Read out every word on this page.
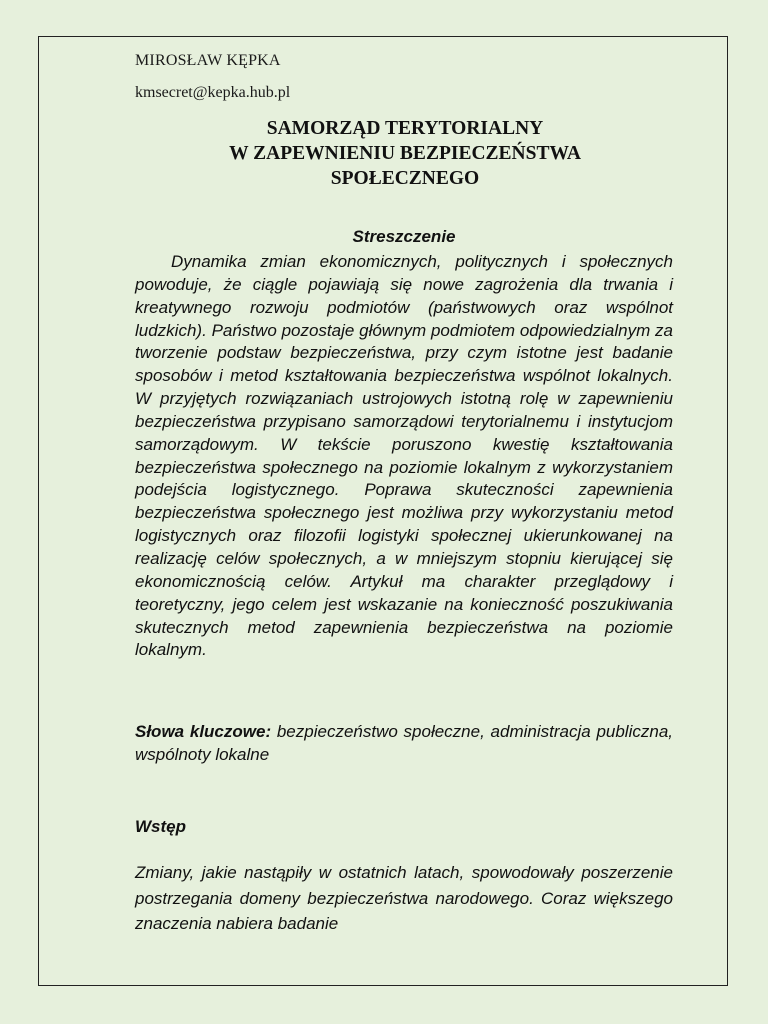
MIROSŁAW KĘPKA
kmsecret@kepka.hub.pl
SAMORZĄD TERYTORIALNY
W ZAPEWNIENIU BEZPIECZEŃSTWA
SPOŁECZNEGO
Streszczenie

Dynamika zmian ekonomicznych, politycznych i społecznych powoduje, że ciągle pojawiają się nowe zagrożenia dla trwania i kreatywnego rozwoju podmiotów (państwowych oraz wspólnot ludzkich). Państwo pozostaje głównym podmiotem odpowiedzialnym za tworzenie podstaw bezpieczeństwa, przy czym istotne jest badanie sposobów i metod kształtowania bezpieczeństwa wspólnot lokalnych. W przyjętych rozwiązaniach ustrojowych istotną rolę w zapewnieniu bezpieczeństwa przypisano samorządowi terytorialnemu i instytucjom samorządowym. W tekście poruszono kwestię kształtowania bezpieczeństwa społecznego na poziomie lokalnym z wykorzystaniem podejścia logistycznego. Poprawa skuteczności zapewnienia bezpieczeństwa społecznego jest możliwa przy wykorzystaniu metod logistycznych oraz filozofii logistyki społecznej ukierunkowanej na realizację celów społecznych, a w mniejszym stopniu kierującej się ekonomicznością celów. Artykuł ma charakter przeglądowy i teoretyczny, jego celem jest wskazanie na konieczność poszukiwania skutecznych metod zapewnienia bezpieczeństwa na poziomie lokalnym.

Słowa kluczowe: bezpieczeństwo społeczne, administracja publiczna, wspólnoty lokalne

Wstęp

Zmiany, jakie nastąpiły w ostatnich latach, spowodowały poszerzenie postrzegania domeny bezpieczeństwa narodowego. Coraz większego znaczenia nabiera badanie
